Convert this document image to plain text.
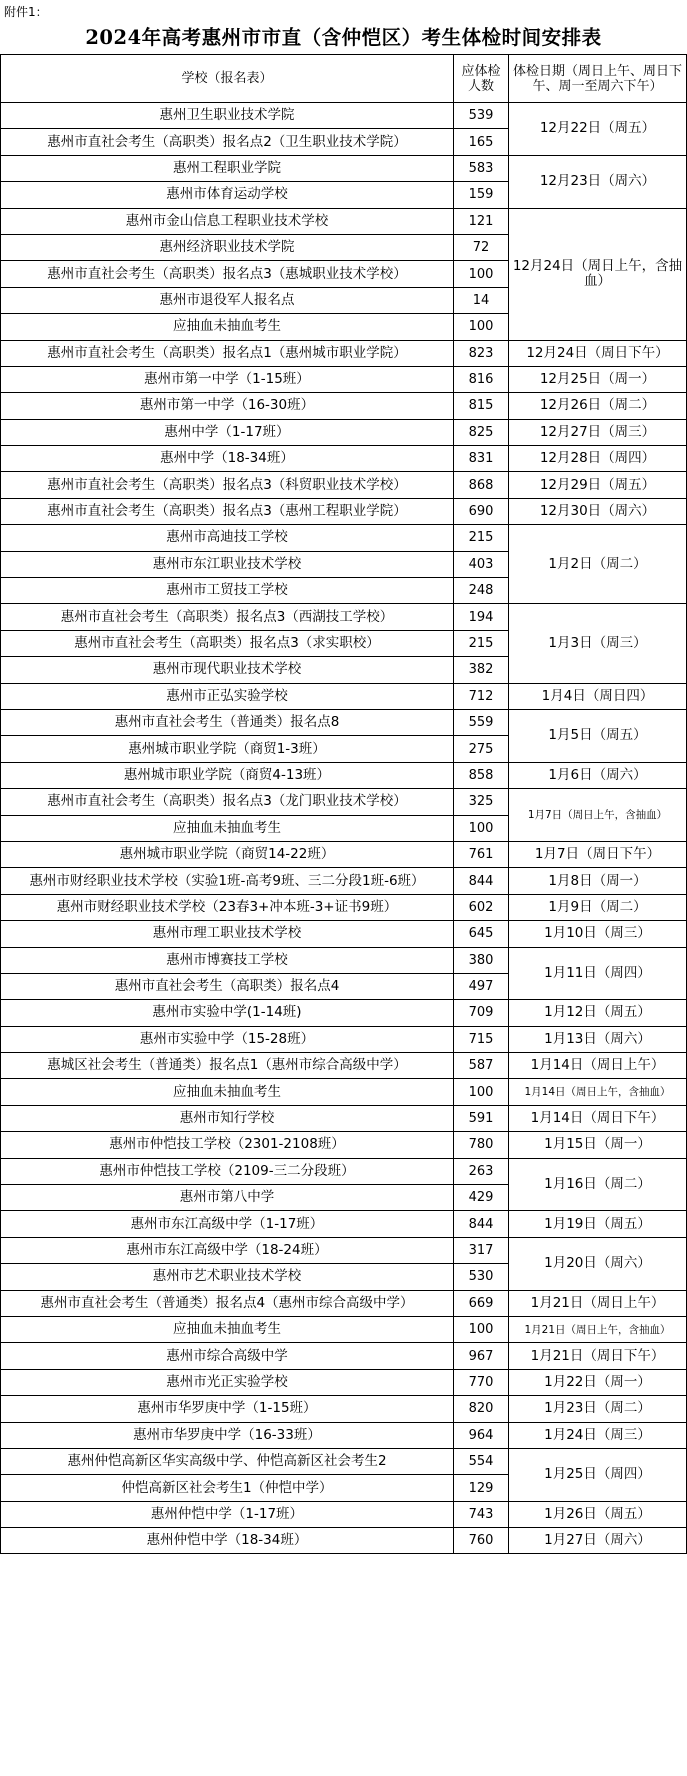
附件1：
2024年高考惠州市市直（含仲恺区）考生体检时间安排表
学校（报名表）	应体检人数	体检日期（周日上午、周日下午、周一至周六下午）
惠州卫生职业技术学院	539	12月22日（周五）
惠州市直社会考生（高职类）报名点2（卫生职业技术学院）	165	
惠州工程职业学院	583	12月23日（周六）
惠州市体育运动学校	159	
惠州市金山信息工程职业技术学校	121	12月24日（周日上午，含抽血）
惠州经济职业技术学院	72	
惠州市直社会考生（高职类）报名点3（惠城职业技术学校）	100	
惠州市退役军人报名点	14	
应抽血未抽血考生	100	
惠州市直社会考生（高职类）报名点1（惠州城市职业学院）	823	12月24日（周日下午）
惠州市第一中学（1-15班）	816	12月25日（周一）
惠州市第一中学（16-30班）	815	12月26日（周二）
惠州中学（1-17班）	825	12月27日（周三）
惠州中学（18-34班）	831	12月28日（周四）
惠州市直社会考生（高职类）报名点3（科贸职业技术学校）	868	12月29日（周五）
惠州市直社会考生（高职类）报名点3（惠州工程职业学院）	690	12月30日（周六）
惠州市高迪技工学校	215	1月2日（周二）
惠州市东江职业技术学校	403	
惠州市工贸技工学校	248	
惠州市直社会考生（高职类）报名点3（西湖技工学校）	194	1月3日（周三）
惠州市直社会考生（高职类）报名点3（求实职校）	215	
惠州市现代职业技术学校	382	
惠州市正弘实验学校	712	1月4日（周日四）
惠州市直社会考生（普通类）报名点8	559	1月5日（周五）
惠州城市职业学院（商贸1-3班）	275	
惠州城市职业学院（商贸4-13班）	858	1月6日（周六）
惠州市直社会考生（高职类）报名点3（龙门职业技术学校）	325	1月7日（周日上午，含抽血）
应抽血未抽血考生	100	
惠州城市职业学院（商贸14-22班）	761	1月7日（周日下午）
惠州市财经职业技术学校（实验1班-高考9班、三二分段1班-6班）	844	1月8日（周一）
惠州市财经职业技术学校（23春3+冲本班-3+证书9班）	602	1月9日（周二）
惠州市理工职业技术学校	645	1月10日（周三）
惠州市博赛技工学校	380	1月11日（周四）
惠州市直社会考生（高职类）报名点4	497	
惠州市实验中学(1-14班)	709	1月12日（周五）
惠州市实验中学（15-28班）	715	1月13日（周六）
惠城区社会考生（普通类）报名点1（惠州市综合高级中学）	587	1月14日（周日上午）
应抽血未抽血考生	100	1月14日（周日上午，含抽血）
惠州市知行学校	591	1月14日（周日下午）
惠州市仲恺技工学校（2301-2108班）	780	1月15日（周一）
惠州市仲恺技工学校（2109-三二分段班）	263	1月16日（周二）
惠州市第八中学	429	
惠州市东江高级中学（1-17班）	844	1月19日（周五）
惠州市东江高级中学（18-24班）	317	1月20日（周六）
惠州市艺术职业技术学校	530	
惠州市直社会考生（普通类）报名点4（惠州市综合高级中学）	669	1月21日（周日上午）
应抽血未抽血考生	100	1月21日（周日上午，含抽血）
惠州市综合高级中学	967	1月21日（周日下午）
惠州市光正实验学校	770	1月22日（周一）
惠州市华罗庚中学（1-15班）	820	1月23日（周二）
惠州市华罗庚中学（16-33班）	964	1月24日（周三）
惠州仲恺高新区华实高级中学、仲恺高新区社会考生2	554	1月25日（周四）
仲恺高新区社会考生1（仲恺中学）	129	
惠州仲恺中学（1-17班）	743	1月26日（周五）
惠州仲恺中学（18-34班）	760	1月27日（周六）
